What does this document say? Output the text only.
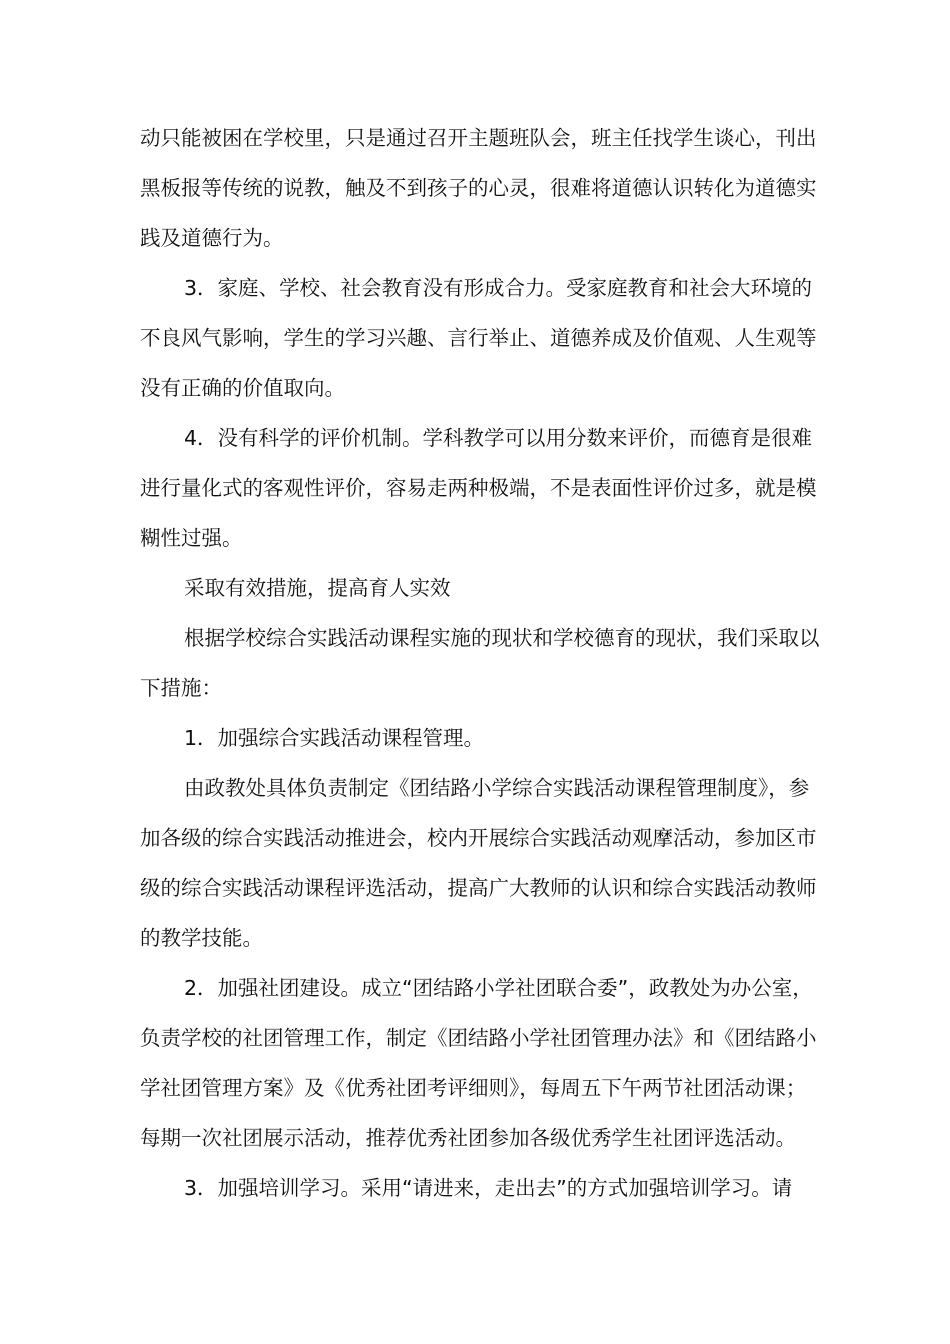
动只能被困在学校里，只是通过召开主题班队会，班主任找学生谈心，刊出
黑板报等传统的说教，触及不到孩子的心灵，很难将道德认识转化为道德实
践及道德行为。
3．家庭、学校、社会教育没有形成合力。受家庭教育和社会大环境的
不良风气影响，学生的学习兴趣、言行举止、道德养成及价值观、人生观等
没有正确的价值取向。
4．没有科学的评价机制。学科教学可以用分数来评价，而德育是很难
进行量化式的客观性评价，容易走两种极端，不是表面性评价过多，就是模
糊性过强。
采取有效措施，提高育人实效
根据学校综合实践活动课程实施的现状和学校德育的现状，我们采取以
下措施：
1．加强综合实践活动课程管理。
由政教处具体负责制定《团结路小学综合实践活动课程管理制度》，参
加各级的综合实践活动推进会，校内开展综合实践活动观摩活动，参加区市
级的综合实践活动课程评选活动，提高广大教师的认识和综合实践活动教师
的教学技能。
2．加强社团建设。成立“团结路小学社团联合委”，政教处为办公室，
负责学校的社团管理工作，制定《团结路小学社团管理办法》和《团结路小
学社团管理方案》及《优秀社团考评细则》，每周五下午两节社团活动课；
每期一次社团展示活动，推荐优秀社团参加各级优秀学生社团评选活动。
3．加强培训学习。采用“请进来，走出去”的方式加强培训学习。请
